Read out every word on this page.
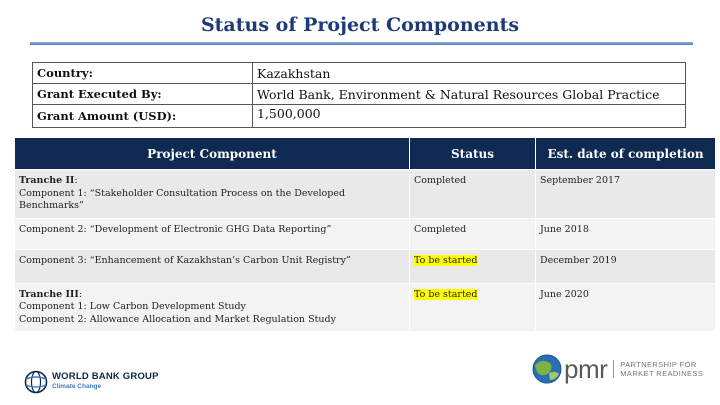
Status of Project Components
Country:	Kazakhstan
Grant Executed By:	World Bank, Environment & Natural Resources Global Practice
Grant Amount (USD):	1,500,000
Project Component	Status	Est. date of completion
Tranche II:
Component 1: “Stakeholder Consultation Process on the Developed Benchmarks”	Completed	September 2017
Component 2: “Development of Electronic GHG Data Reporting”	Completed	June 2018
Component 3: “Enhancement of Kazakhstan’s Carbon Unit Registry”	To be started	December 2019
Tranche III:
Component 1: Low Carbon Development Study
Component 2: Allowance Allocation and Market Regulation Study	To be started	June 2020
WORLD BANK GROUP
Climate Change
pmr PARTNERSHIP FOR
MARKET READINESS
